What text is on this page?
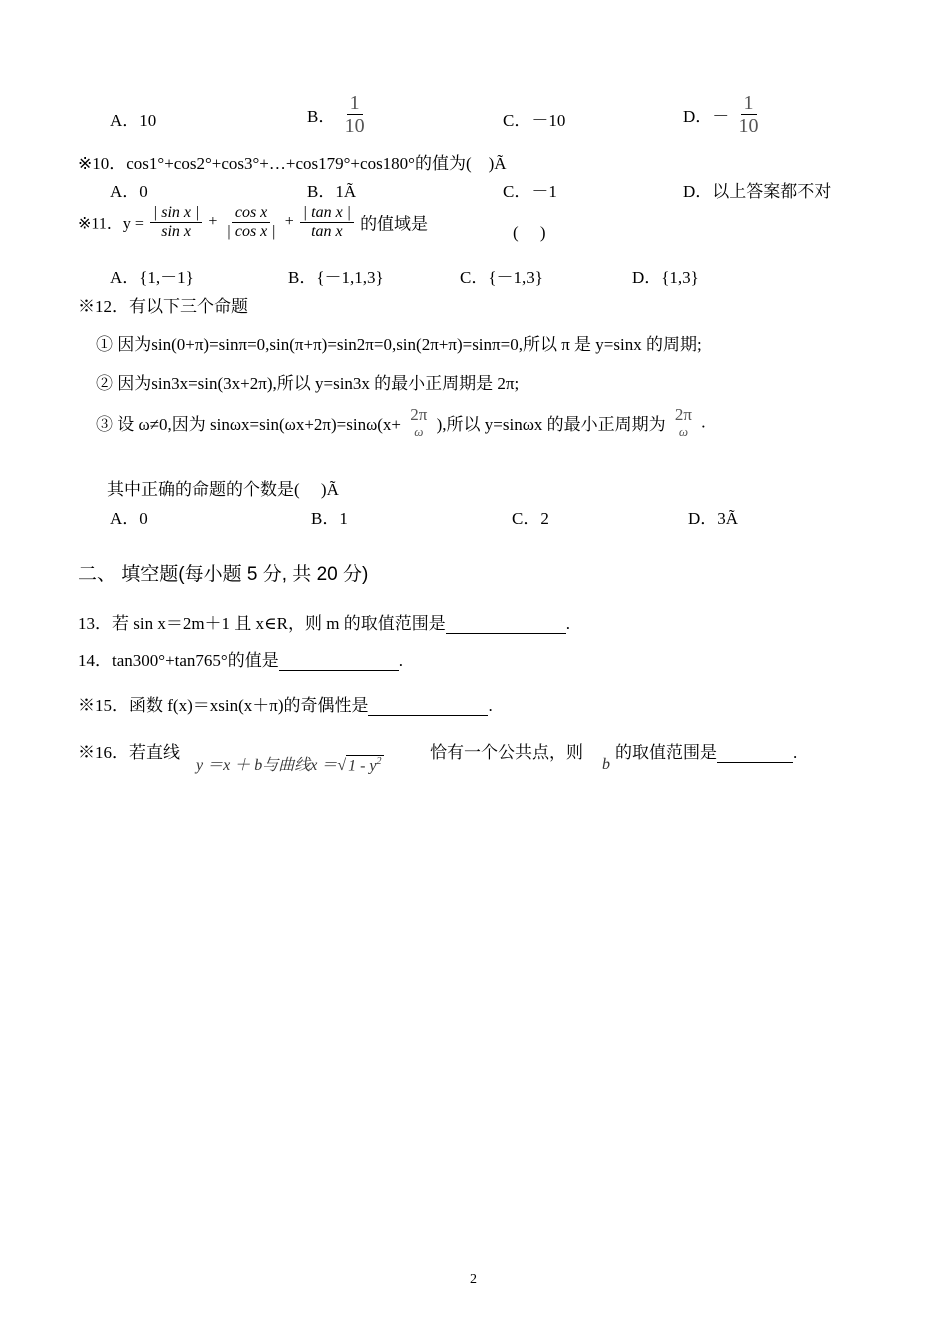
A．10	B． $\frac{1}{10}$	C．－10	D．－ $\frac{1}{10}$
※10．cos1°+cos2°+cos3°+…+cos179°+cos180°的值为(　)Ã
A．0	B．1Ã	C．－1	D．以上答案都不对
※11．$y = \frac{\text{| sin x |}}{\text{sin x}} + \frac{\text{cos x}}{\text{| cos x |}} + \frac{\text{| tan x |}}{\text{tan x}}$ 的值域是	(　 )
A．{1,－1}	B．{－1,1,3}	C．{－1,3}	D．{1,3}
※12．有以下三个命题
① 因为sin(0+π)=sinπ=0,sin(π+π)=sin2π=0,sin(2π+π)=sinπ=0,所以 π 是 y=sinx 的周期;
② 因为sin3x=sin(3x+2π),所以 y=sin3x 的最小正周期是 2π;
③ 设 ω≠0,因为 sinωx=sin(ωx+2π)=sinω(x+
2π
ω ),所以 y=sinωx 的最小正周期为
2π
ω .
其中正确的命题的个数是(　 )Ã
A．0	B．1	C．2	D．3Ã
二、 填空题(每小题 5 分, 共 20 分)
13．若 sin x＝2m＋1 且 x∈R，则 m 的取值范围是	.
14．tan300°+tan765°的值是	.
※15．函数 f(x)＝xsin(x＋π)的奇偶性是	.
※16．若直线
y ＝x ＋ b与曲线x ＝√ $1 - y^2$	恰有一个公共点，则
b
的取值范围是	.
2
